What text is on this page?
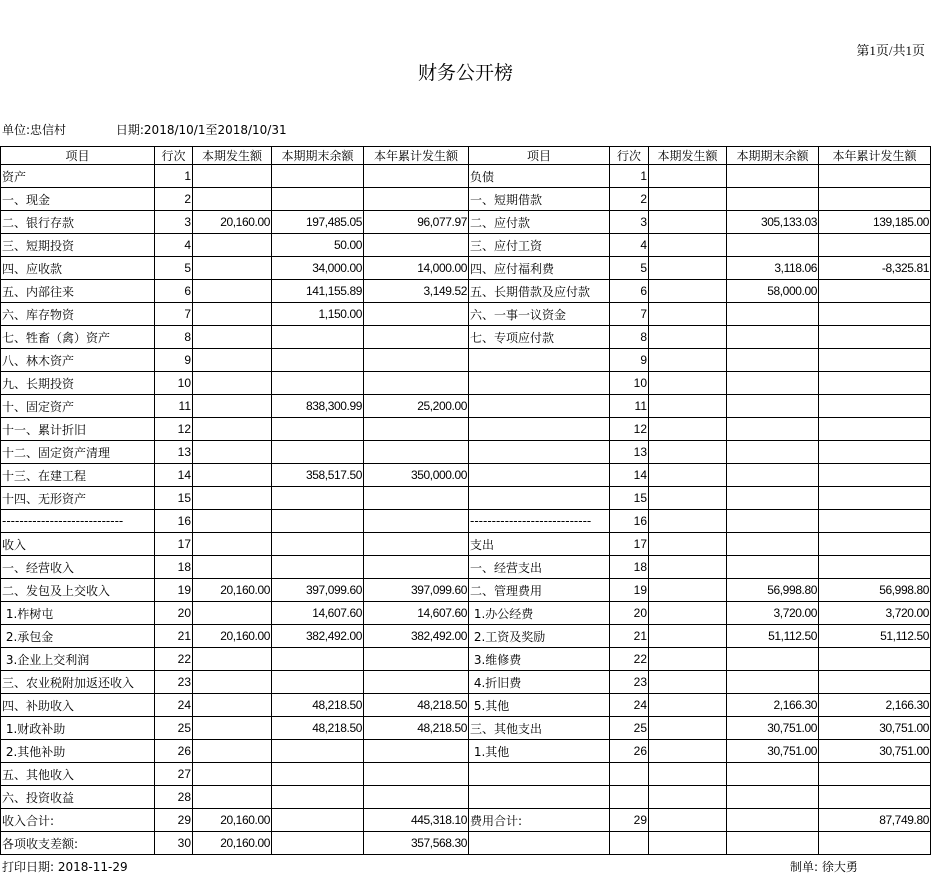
第1页/共1页
财务公开榜
单位:忠信村	日期:2018/10/1至2018/10/31
项目	行次	本期发生额	本期期末余额	本年累计发生额	项目	行次	本期发生额	本期期末余额	本年累计发生额
资产	1				负债	1			
一、现金	2				一、短期借款	2			
二、银行存款	3	20,160.00	197,485.05	96,077.97	二、应付款	3		305,133.03	139,185.00
三、短期投资	4		50.00		三、应付工资	4			
四、应收款	5		34,000.00	14,000.00	四、应付福利费	5		3,118.06	-8,325.81
五、内部往来	6		141,155.89	3,149.52	五、长期借款及应付款	6		58,000.00	
六、库存物资	7		1,150.00		六、一事一议资金	7			
七、牲畜（禽）资产	8				七、专项应付款	8			
八、林木资产	9					9			
九、长期投资	10					10			
十、固定资产	11		838,300.99	25,200.00		11			
十一、累计折旧	12					12			
十二、固定资产清理	13					13			
十三、在建工程	14		358,517.50	350,000.00		14			
十四、无形资产	15					15			
----------------------------	16				----------------------------	16			
收入	17				支出	17			
一、经营收入	18				一、经营支出	18			
二、发包及上交收入	19	20,160.00	397,099.60	397,099.60	二、管理费用	19		56,998.80	56,998.80
1.柞树屯	20		14,607.60	14,607.60	1.办公经费	20		3,720.00	3,720.00
2.承包金	21	20,160.00	382,492.00	382,492.00	2.工资及奖励	21		51,112.50	51,112.50
3.企业上交利润	22				3.维修费	22			
三、农业税附加返还收入	23				4.折旧费	23			
四、补助收入	24		48,218.50	48,218.50	5.其他	24		2,166.30	2,166.30
1.财政补助	25		48,218.50	48,218.50	三、其他支出	25		30,751.00	30,751.00
2.其他补助	26				1.其他	26		30,751.00	30,751.00
五、其他收入	27								
六、投资收益	28								
收入合计:	29	20,160.00		445,318.10	费用合计:	29			87,749.80
各项收支差额:	30	20,160.00		357,568.30					
打印日期: 2018-11-29	制单: 徐大勇
